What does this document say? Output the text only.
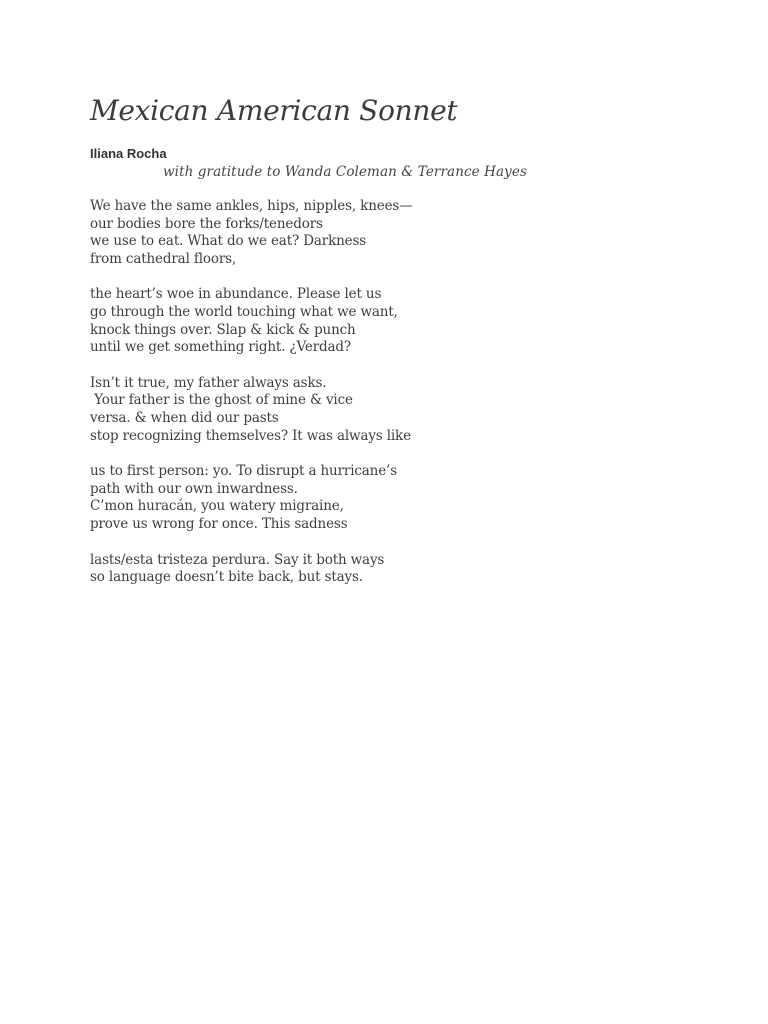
Mexican American Sonnet
Iliana Rocha
with gratitude to Wanda Coleman & Terrance Hayes
We have the same ankles, hips, nipples, knees—
our bodies bore the forks/tenedors
we use to eat. What do we eat? Darkness
from cathedral floors,
the heart’s woe in abundance. Please let us
go through the world touching what we want,
knock things over. Slap & kick & punch
until we get something right. ¿Verdad?
Isn’t it true, my father always asks.
Your father is the ghost of mine & vice
versa. & when did our pasts
stop recognizing themselves? It was always like
us to first person: yo. To disrupt a hurricane’s
path with our own inwardness.
C’mon huracán, you watery migraine,
prove us wrong for once. This sadness
lasts/esta tristeza perdura. Say it both ways
so language doesn’t bite back, but stays.
